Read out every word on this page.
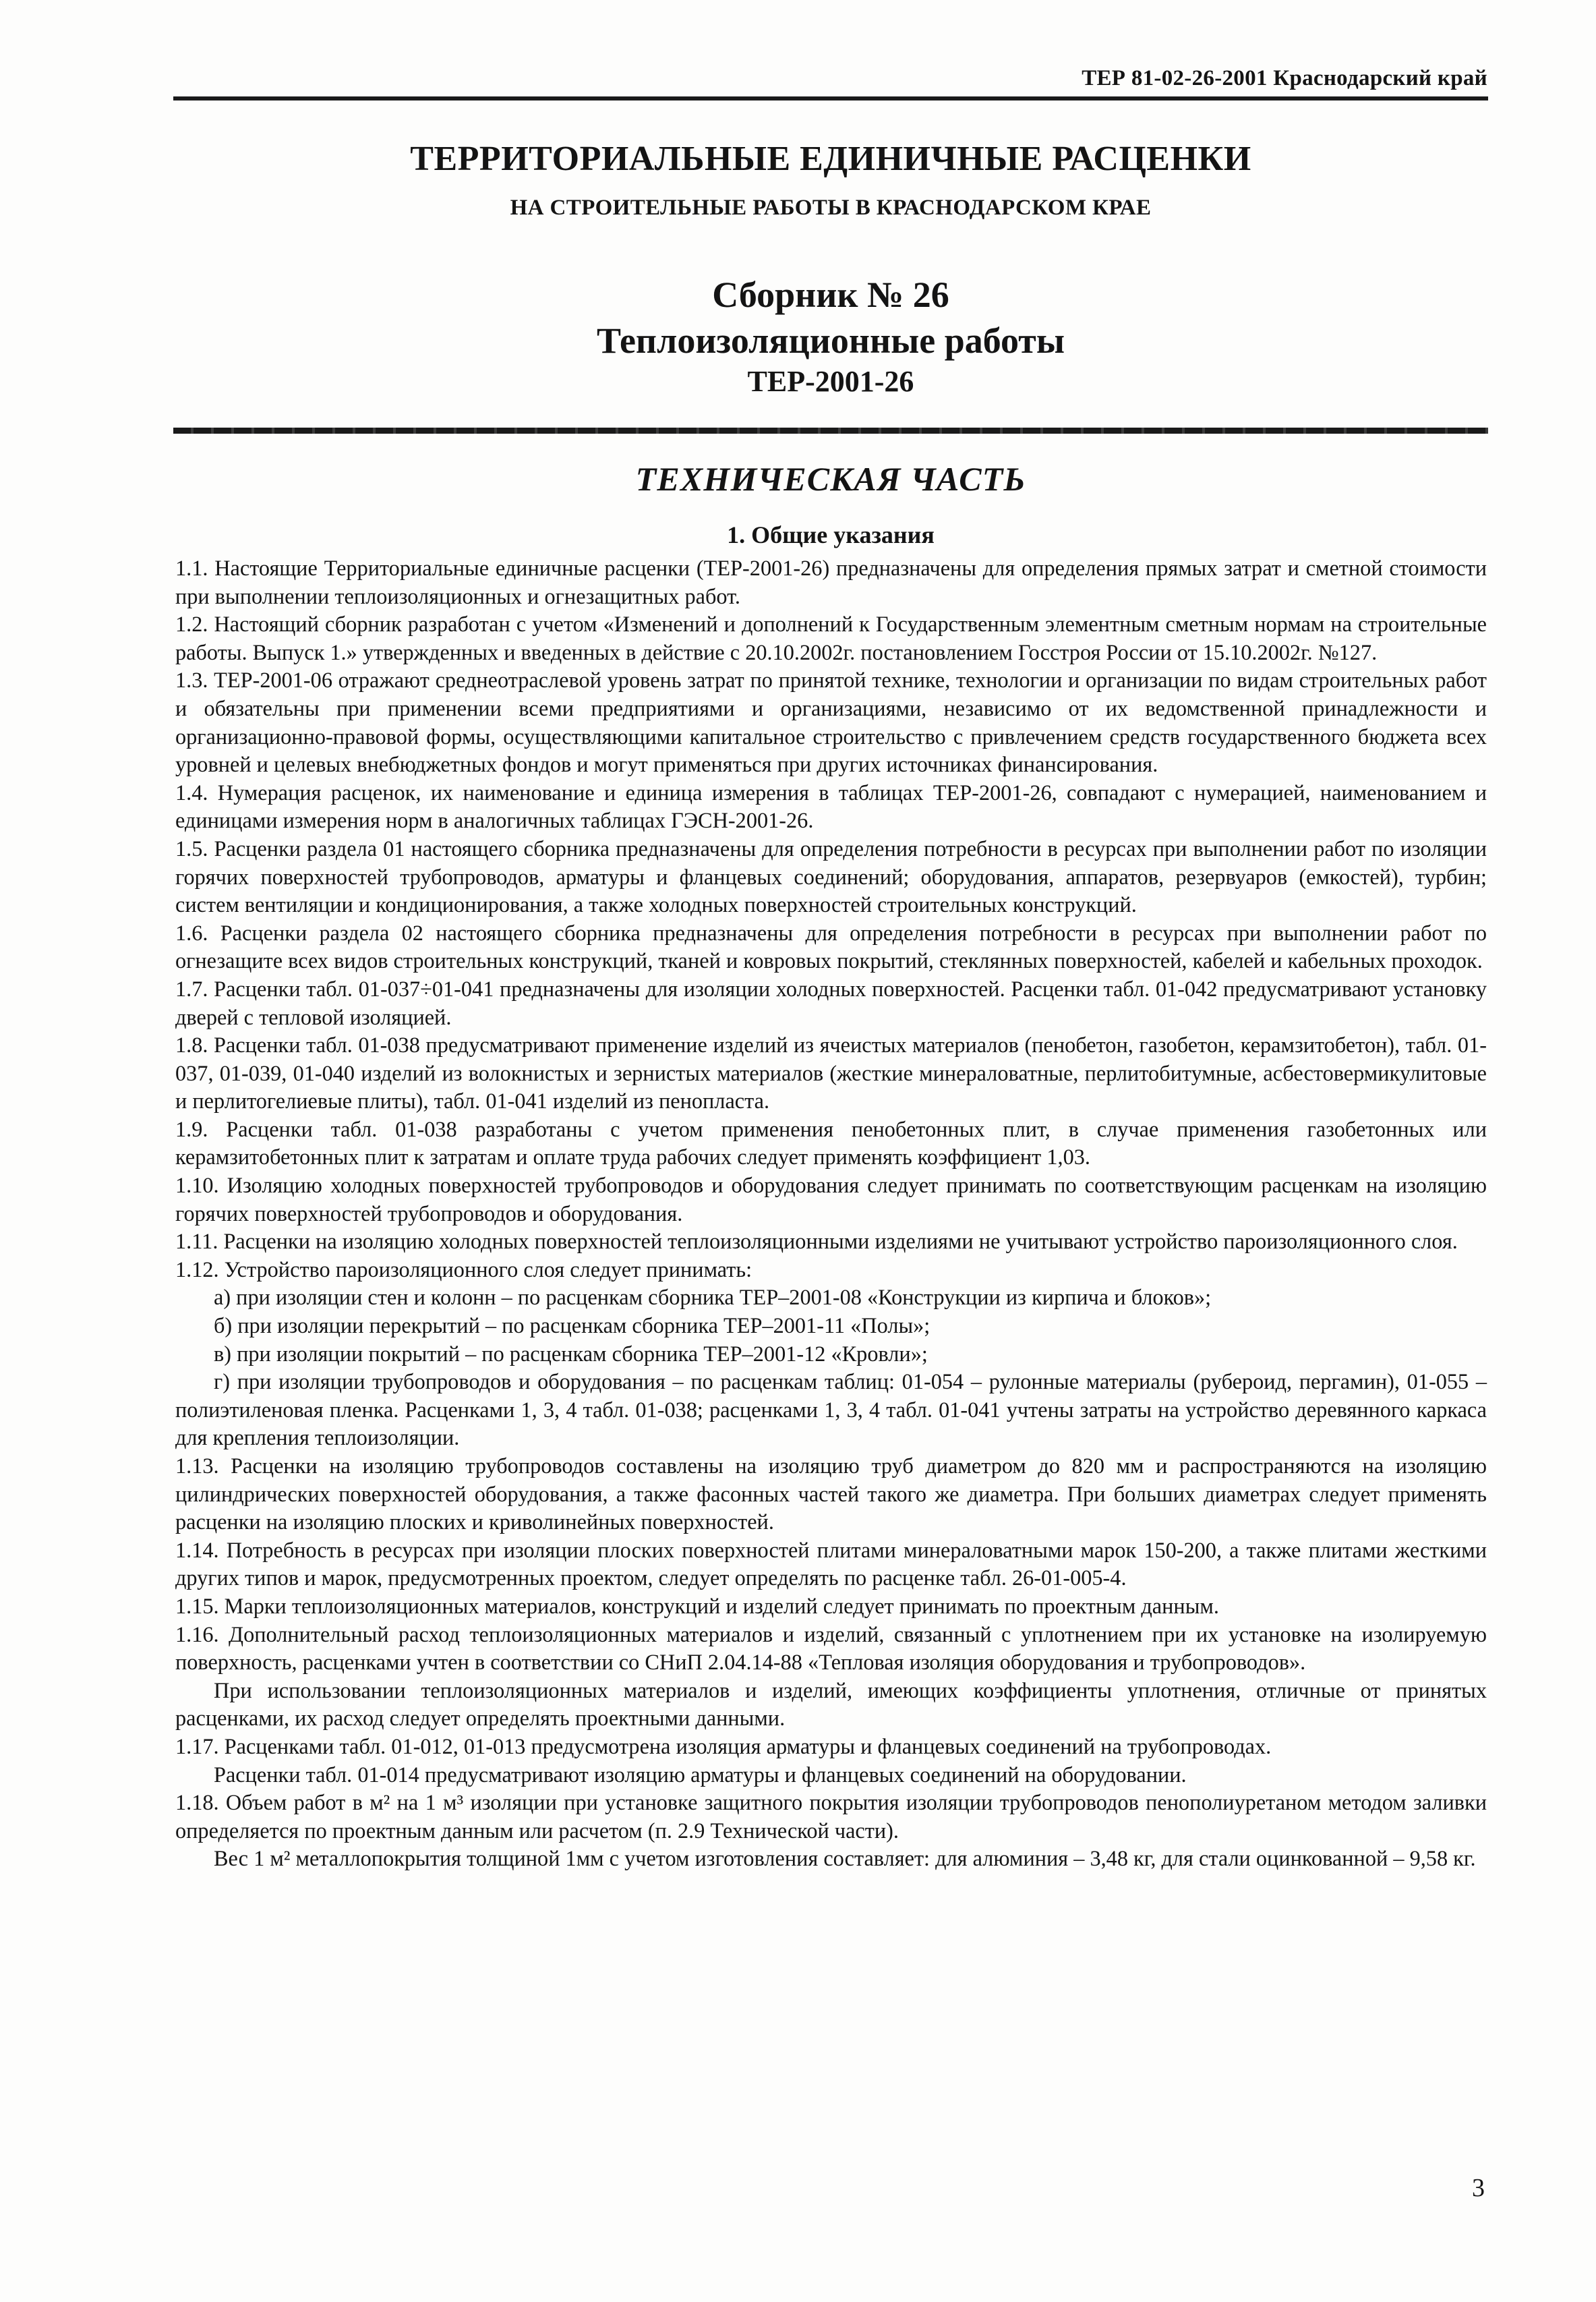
ТЕР 81-02-26-2001 Краснодарский край
ТЕРРИТОРИАЛЬНЫЕ ЕДИНИЧНЫЕ РАСЦЕНКИ
НА СТРОИТЕЛЬНЫЕ РАБОТЫ В КРАСНОДАРСКОМ КРАЕ
Сборник № 26
Теплоизоляционные работы
ТЕР-2001-26
ТЕХНИЧЕСКАЯ ЧАСТЬ
1. Общие указания

1.1. Настоящие Территориальные единичные расценки (ТЕР-2001-26) предназначены для определения прямых затрат и сметной стоимости при выполнении теплоизоляционных и огнезащитных работ.

1.2. Настоящий сборник разработан с учетом «Изменений и дополнений к Государственным элементным сметным нормам на строительные работы. Выпуск 1.» утвержденных и введенных в действие с 20.10.2002г. постановлением Госстроя России от 15.10.2002г. №127.

1.3. ТЕР-2001-06 отражают среднеотраслевой уровень затрат по принятой технике, технологии и организации по видам строительных работ и обязательны при применении всеми предприятиями и организациями, независимо от их ведомственной принадлежности и организационно-правовой формы, осуществляющими капитальное строительство с привлечением средств государственного бюджета всех уровней и целевых внебюджетных фондов и могут применяться при других источниках финансирования.

1.4. Нумерация расценок, их наименование и единица измерения в таблицах ТЕР-2001-26, совпадают с нумерацией, наименованием и единицами измерения норм в аналогичных таблицах ГЭСН-2001-26.

1.5. Расценки раздела 01 настоящего сборника предназначены для определения потребности в ресурсах при выполнении работ по изоляции горячих поверхностей трубопроводов, арматуры и фланцевых соединений; оборудования, аппаратов, резервуаров (емкостей), турбин; систем вентиляции и кондиционирования, а также холодных поверхностей строительных конструкций.

1.6. Расценки раздела 02 настоящего сборника предназначены для определения потребности в ресурсах при выполнении работ по огнезащите всех видов строительных конструкций, тканей и ковровых покрытий, стеклянных поверхностей, кабелей и кабельных проходок.

1.7. Расценки табл. 01-037÷01-041 предназначены для изоляции холодных поверхностей. Расценки табл. 01-042 предусматривают установку дверей с тепловой изоляцией.

1.8. Расценки табл. 01-038 предусматривают применение изделий из ячеистых материалов (пенобетон, газобетон, керамзитобетон), табл. 01-037, 01-039, 01-040 изделий из волокнистых и зернистых материалов (жесткие минераловатные, перлитобитумные, асбестовермикулитовые и перлитогелиевые плиты), табл. 01-041 изделий из пенопласта.

1.9. Расценки табл. 01-038 разработаны с учетом применения пенобетонных плит, в случае применения газобетонных или керамзитобетонных плит к затратам и оплате труда рабочих следует применять коэффициент 1,03.

1.10. Изоляцию холодных поверхностей трубопроводов и оборудования следует принимать по соответствующим расценкам на изоляцию горячих поверхностей трубопроводов и оборудования.

1.11. Расценки на изоляцию холодных поверхностей теплоизоляционными изделиями не учитывают устройство пароизоляционного слоя.

1.12. Устройство пароизоляционного слоя следует принимать:

а) при изоляции стен и колонн – по расценкам сборника ТЕР–2001-08 «Конструкции из кирпича и блоков»;

б) при изоляции перекрытий – по расценкам сборника ТЕР–2001-11 «Полы»;

в) при изоляции покрытий – по расценкам сборника ТЕР–2001-12 «Кровли»;

г) при изоляции трубопроводов и оборудования – по расценкам таблиц: 01-054 – рулонные материалы (рубероид, пергамин), 01-055 – полиэтиленовая пленка. Расценками 1, 3, 4 табл. 01-038; расценками 1, 3, 4 табл. 01-041 учтены затраты на устройство деревянного каркаса для крепления теплоизоляции.

1.13. Расценки на изоляцию трубопроводов составлены на изоляцию труб диаметром до 820 мм и распространяются на изоляцию цилиндрических поверхностей оборудования, а также фасонных частей такого же диаметра. При больших диаметрах следует применять расценки на изоляцию плоских и криволинейных поверхностей.

1.14. Потребность в ресурсах при изоляции плоских поверхностей плитами минераловатными марок 150-200, а также плитами жесткими других типов и марок, предусмотренных проектом, следует определять по расценке табл. 26-01-005-4.

1.15. Марки теплоизоляционных материалов, конструкций и изделий следует принимать по проектным данным.

1.16. Дополнительный расход теплоизоляционных материалов и изделий, связанный с уплотнением при их установке на изолируемую поверхность, расценками учтен в соответствии со СНиП 2.04.14-88 «Тепловая изоляция оборудования и трубопроводов».

При использовании теплоизоляционных материалов и изделий, имеющих коэффициенты уплотнения, отличные от принятых расценками, их расход следует определять проектными данными.

1.17. Расценками табл. 01-012, 01-013 предусмотрена изоляция арматуры и фланцевых соединений на трубопроводах.

Расценки табл. 01-014 предусматривают изоляцию арматуры и фланцевых соединений на оборудовании.

1.18. Объем работ в м² на 1 м³ изоляции при установке защитного покрытия изоляции трубопроводов пенополиуретаном методом заливки определяется по проектным данным или расчетом (п. 2.9 Технической части).

Вес 1 м² металлопокрытия толщиной 1мм с учетом изготовления составляет: для алюминия – 3,48 кг, для стали оцинкованной – 9,58 кг.

3
